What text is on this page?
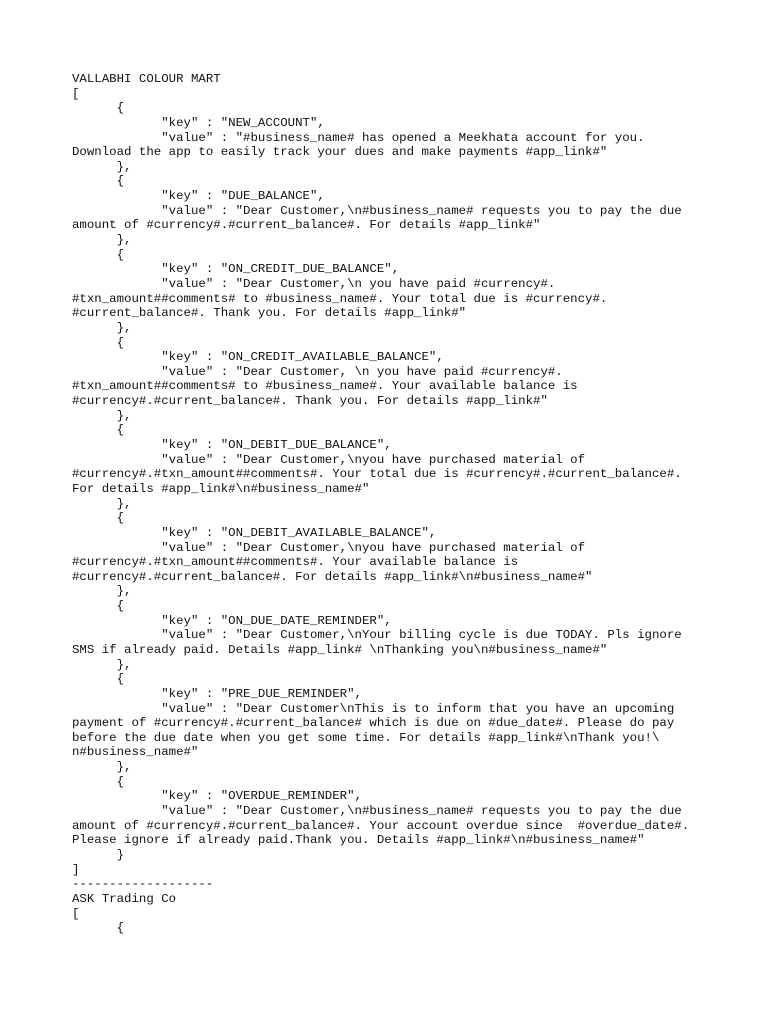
VALLABHI COLOUR MART
[
{
"key" : "NEW_ACCOUNT",
"value" : "#business_name# has opened a Meekhata account for you.
Download the app to easily track your dues and make payments #app_link#"
},
{
"key" : "DUE_BALANCE",
"value" : "Dear Customer,\n#business_name# requests you to pay the due
amount of #currency#.#current_balance#. For details #app_link#"
},
{
"key" : "ON_CREDIT_DUE_BALANCE",
"value" : "Dear Customer,\n you have paid #currency#.
#txn_amount##comments# to #business_name#. Your total due is #currency#.
#current_balance#. Thank you. For details #app_link#"
},
{
"key" : "ON_CREDIT_AVAILABLE_BALANCE",
"value" : "Dear Customer, \n you have paid #currency#.
#txn_amount##comments# to #business_name#. Your available balance is
#currency#.#current_balance#. Thank you. For details #app_link#"
},
{
"key" : "ON_DEBIT_DUE_BALANCE",
"value" : "Dear Customer,\nyou have purchased material of
#currency#.#txn_amount##comments#. Your total due is #currency#.#current_balance#.
For details #app_link#\n#business_name#"
},
{
"key" : "ON_DEBIT_AVAILABLE_BALANCE",
"value" : "Dear Customer,\nyou have purchased material of
#currency#.#txn_amount##comments#. Your available balance is
#currency#.#current_balance#. For details #app_link#\n#business_name#"
},
{
"key" : "ON_DUE_DATE_REMINDER",
"value" : "Dear Customer,\nYour billing cycle is due TODAY. Pls ignore
SMS if already paid. Details #app_link# \nThanking you\n#business_name#"
},
{
"key" : "PRE_DUE_REMINDER",
"value" : "Dear Customer\nThis is to inform that you have an upcoming
payment of #currency#.#current_balance# which is due on #due_date#. Please do pay
before the due date when you get some time. For details #app_link#\nThank you!\
n#business_name#"
},
{
"key" : "OVERDUE_REMINDER",
"value" : "Dear Customer,\n#business_name# requests you to pay the due
amount of #currency#.#current_balance#. Your account overdue since  #overdue_date#.
Please ignore if already paid.Thank you. Details #app_link#\n#business_name#"
}
]
-------------------
ASK Trading Co
[
{
